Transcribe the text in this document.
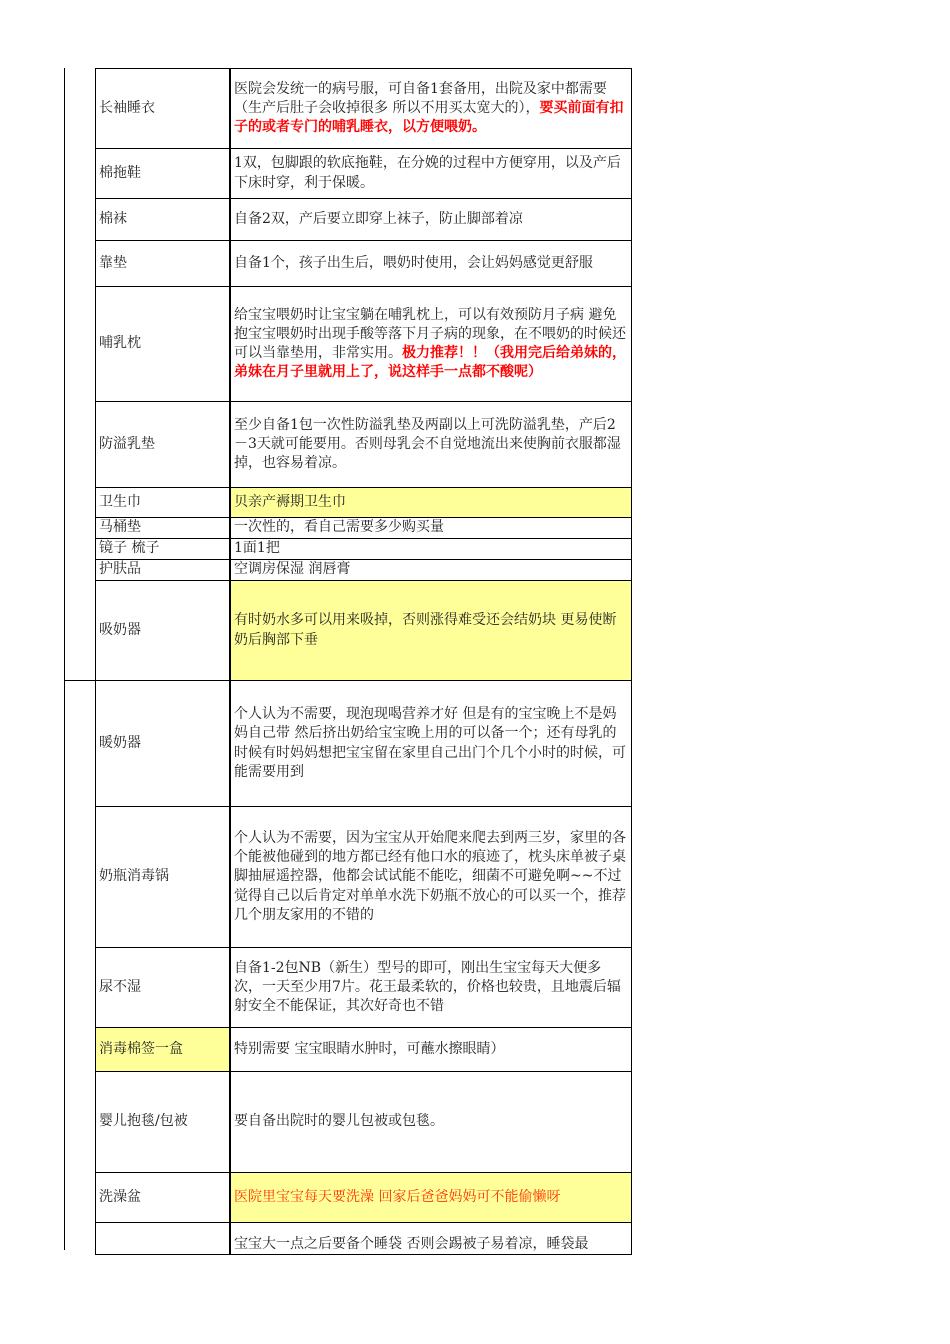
长袖睡衣	医院会发统一的病号服，可自备1套备用，出院及家中都需要（生产后肚子会收掉很多 所以不用买太宽大的），要买前面有扣子的或者专门的哺乳睡衣，以方便喂奶。
棉拖鞋	1双，包脚跟的软底拖鞋，在分娩的过程中方便穿用，以及产后下床时穿，利于保暖。
棉袜	自备2双，产后要立即穿上袜子，防止脚部着凉
靠垫	自备1个，孩子出生后，喂奶时使用，会让妈妈感觉更舒服
哺乳枕	给宝宝喂奶时让宝宝躺在哺乳枕上，可以有效预防月子病 避免抱宝宝喂奶时出现手酸等落下月子病的现象，在不喂奶的时候还可以当靠垫用，非常实用。极力推荐！！（我用完后给弟妹的，弟妹在月子里就用上了，说这样手一点都不酸呢）
防溢乳垫	至少自备1包一次性防溢乳垫及两副以上可洗防溢乳垫，产后2－3天就可能要用。否则母乳会不自觉地流出来使胸前衣服都湿掉，也容易着凉。
卫生巾	贝亲产褥期卫生巾
马桶垫	一次性的，看自己需要多少购买量
镜子 梳子	1面1把
护肤品	空调房保湿 润唇膏
吸奶器	有时奶水多可以用来吸掉，否则涨得难受还会结奶块 更易使断奶后胸部下垂
暖奶器	个人认为不需要，现泡现喝营养才好 但是有的宝宝晚上不是妈妈自己带 然后挤出奶给宝宝晚上用的可以备一个；还有母乳的时候有时妈妈想把宝宝留在家里自己出门个几个小时的时候，可能需要用到
奶瓶消毒锅	个人认为不需要，因为宝宝从开始爬来爬去到两三岁，家里的各个能被他碰到的地方都已经有他口水的痕迹了，枕头床单被子桌脚抽屉遥控器，他都会试试能不能吃，细菌不可避免啊~~不过觉得自己以后肯定对单单水洗下奶瓶不放心的可以买一个，推荐几个朋友家用的不错的
尿不湿	自备1-2包NB（新生）型号的即可，刚出生宝宝每天大便多次，一天至少用7片。花王最柔软的，价格也较贵，且地震后辐射安全不能保证，其次好奇也不错
消毒棉签一盒	特别需要 宝宝眼睛水肿时，可蘸水擦眼睛）
婴儿抱毯/包被	要自备出院时的婴儿包被或包毯。
洗澡盆	医院里宝宝每天要洗澡 回家后爸爸妈妈可不能偷懒呀
	宝宝大一点之后要备个睡袋 否则会踢被子易着凉，睡袋最
